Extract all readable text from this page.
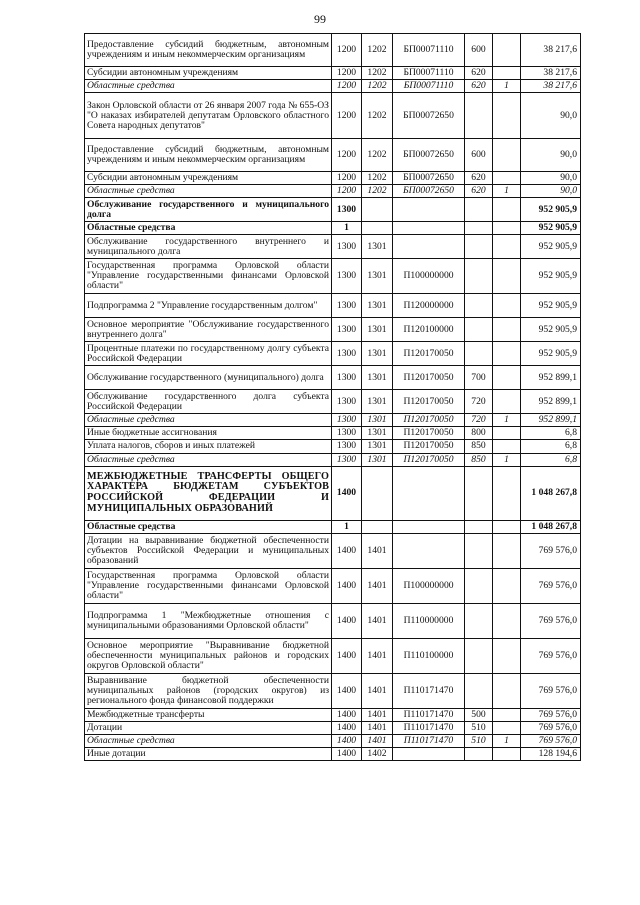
99
Предоставление субсидий бюджетным, автономным учреждениям и иным некоммерческим организациям	1200	1202	БП00071110	600		38 217,6
Субсидии автономным учреждениям	1200	1202	БП00071110	620		38 217,6
Областные средства	1200	1202	БП00071110	620	1	38 217,6
Закон Орловской области от 26 января 2007 года № 655-ОЗ "О наказах избирателей депутатам Орловского областного Совета народных депутатов"	1200	1202	БП00072650			90,0
Предоставление субсидий бюджетным, автономным учреждениям и иным некоммерческим организациям	1200	1202	БП00072650	600		90,0
Субсидии автономным учреждениям	1200	1202	БП00072650	620		90,0
Областные средства	1200	1202	БП00072650	620	1	90,0
Обслуживание государственного и муниципального долга	1300					952 905,9
Областные средства	1					952 905,9
Обслуживание государственного внутреннего и муниципального долга	1300	1301				952 905,9
Государственная программа Орловской области "Управление государственными финансами Орловской области"	1300	1301	П100000000			952 905,9
Подпрограмма 2 "Управление государственным долгом"	1300	1301	П120000000			952 905,9
Основное мероприятие "Обслуживание государственного внутреннего долга"	1300	1301	П120100000			952 905,9
Процентные платежи по государственному долгу субъекта Российской Федерации	1300	1301	П120170050			952 905,9
Обслуживание государственного (муниципального) долга	1300	1301	П120170050	700		952 899,1
Обслуживание государственного долга субъекта Российской Федерации	1300	1301	П120170050	720		952 899,1
Областные средства	1300	1301	П120170050	720	1	952 899,1
Иные бюджетные ассигнования	1300	1301	П120170050	800		6,8
Уплата налогов, сборов и иных платежей	1300	1301	П120170050	850		6,8
Областные средства	1300	1301	П120170050	850	1	6,8
МЕЖБЮДЖЕТНЫЕ ТРАНСФЕРТЫ ОБЩЕГО ХАРАКТЕРА БЮДЖЕТАМ СУБЪЕКТОВ РОССИЙСКОЙ ФЕДЕРАЦИИ И МУНИЦИПАЛЬНЫХ ОБРАЗОВАНИЙ	1400					1 048 267,8
Областные средства	1					1 048 267,8
Дотации на выравнивание бюджетной обеспеченности субъектов Российской Федерации и муниципальных образований	1400	1401				769 576,0
Государственная программа Орловской области "Управление государственными финансами Орловской области"	1400	1401	П100000000			769 576,0
Подпрограмма 1 "Межбюджетные отношения с муниципальными образованиями Орловской области"	1400	1401	П110000000			769 576,0
Основное мероприятие "Выравнивание бюджетной обеспеченности муниципальных районов и городских округов Орловской области"	1400	1401	П110100000			769 576,0
Выравнивание бюджетной обеспеченности муниципальных районов (городских округов) из регионального фонда финансовой поддержки	1400	1401	П110171470			769 576,0
Межбюджетные трансферты	1400	1401	П110171470	500		769 576,0
Дотации	1400	1401	П110171470	510		769 576,0
Областные средства	1400	1401	П110171470	510	1	769 576,0
Иные дотации	1400	1402				128 194,6
